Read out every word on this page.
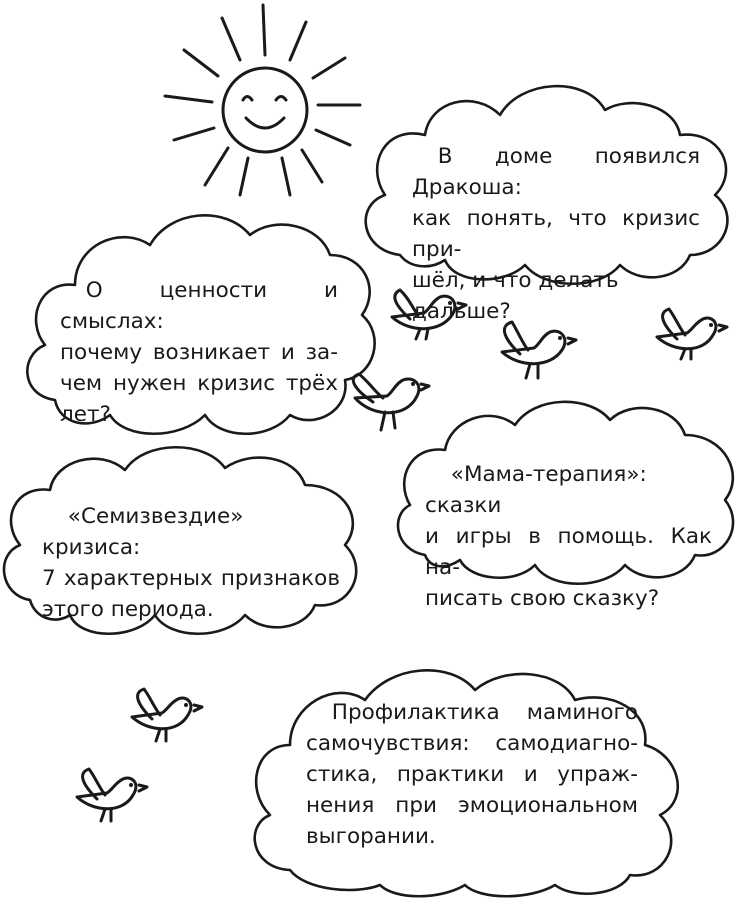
В доме появился Дракоша:
как понять, что кризис при-
шёл, и что делать дальше?
О ценности и смыслах:
почему возникает и за-
чем нужен кризис трёх
лет?
«Мама-терапия»: сказки
и игры в помощь. Как на-
писать свою сказку?
«Семизвездие» кризиса:
7 характерных признаков
этого периода.
Профилактика маминого
самочувствия: самодиагно-
стика, практики и упраж-
нения при эмоциональном
выгорании.
